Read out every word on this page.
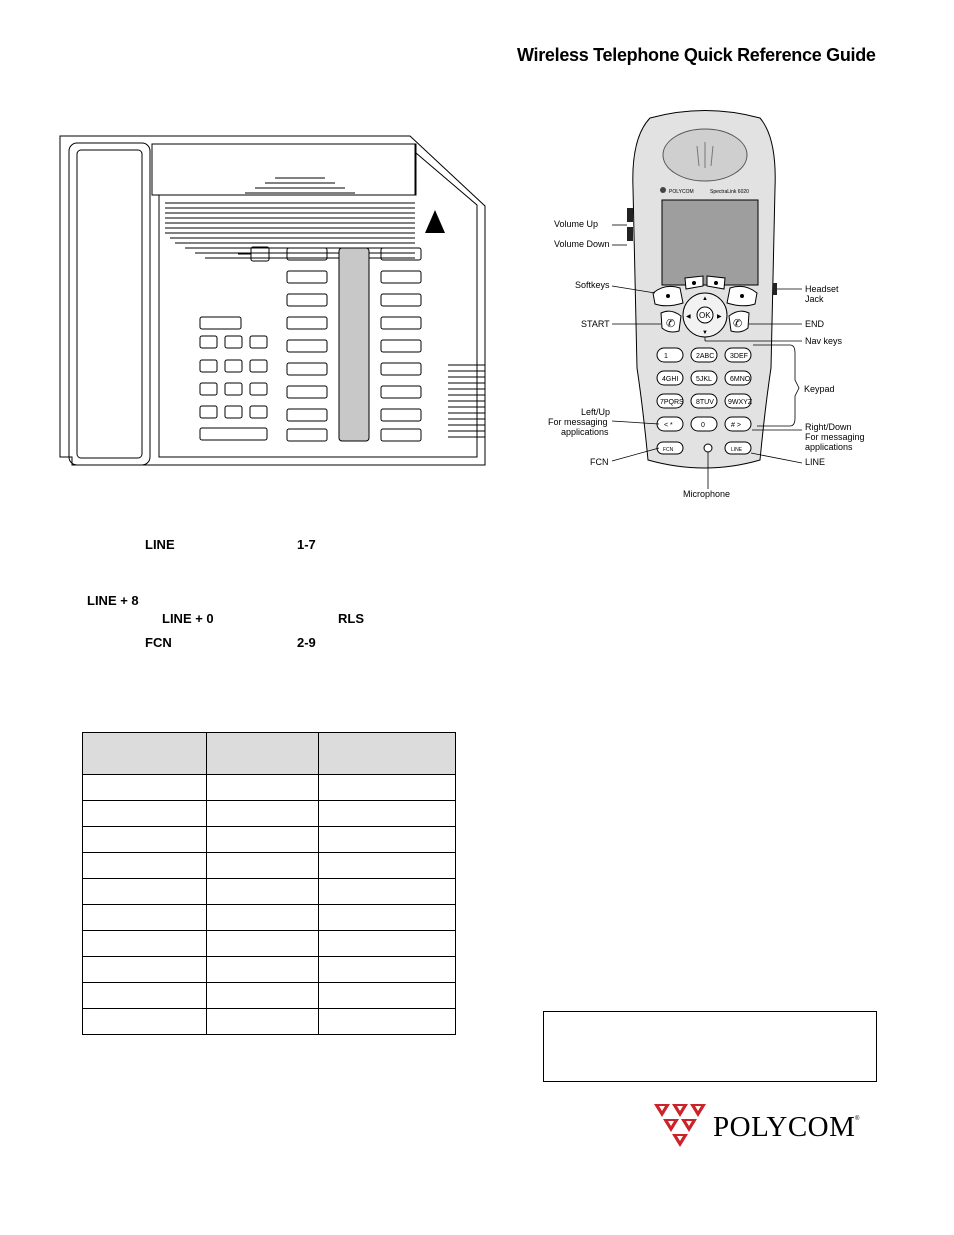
Wireless Telephone Quick Reference Guide
LINE	1-7
LINE + 8
LINE + 0	RLS
FCN	2-9

POLYCOM	SpectraLink 6020
OK
▲
▼
◀	▶
✆	✆
1	2ABC 3DEF
4GHI	5JKL	6MNO
7PQRS 8TUV 9WXYZ
< *	0	# >
FCN	LINE
Volume Up
Volume Down
Softkeys
START
Left/Up
For messaging
applications
FCN
Microphone
Headset
Jack
END
Nav keys
Keypad
Right/Down
For messaging
applications
LINE
POLYCOM ®
